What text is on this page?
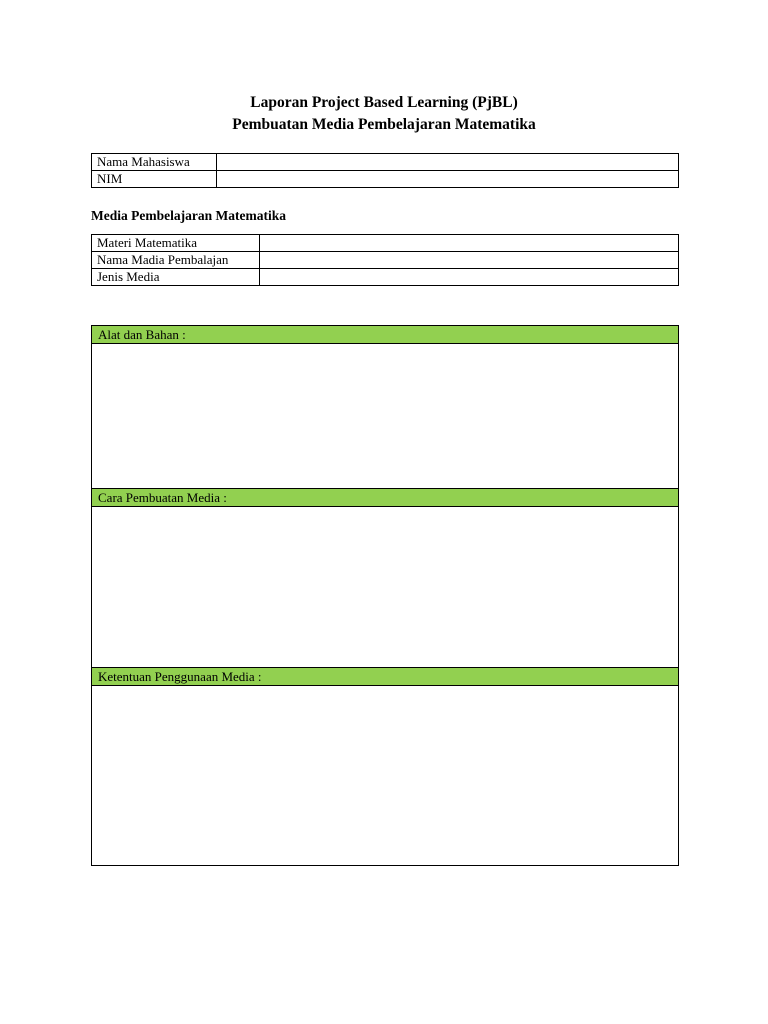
Laporan Project Based Learning (PjBL)
Pembuatan Media Pembelajaran Matematika
Nama Mahasiswa	
NIM	
Media Pembelajaran Matematika
Materi Matematika	
Nama Madia Pembalajan	
Jenis Media	
Alat dan Bahan :
Cara Pembuatan Media :
Ketentuan Penggunaan Media :
